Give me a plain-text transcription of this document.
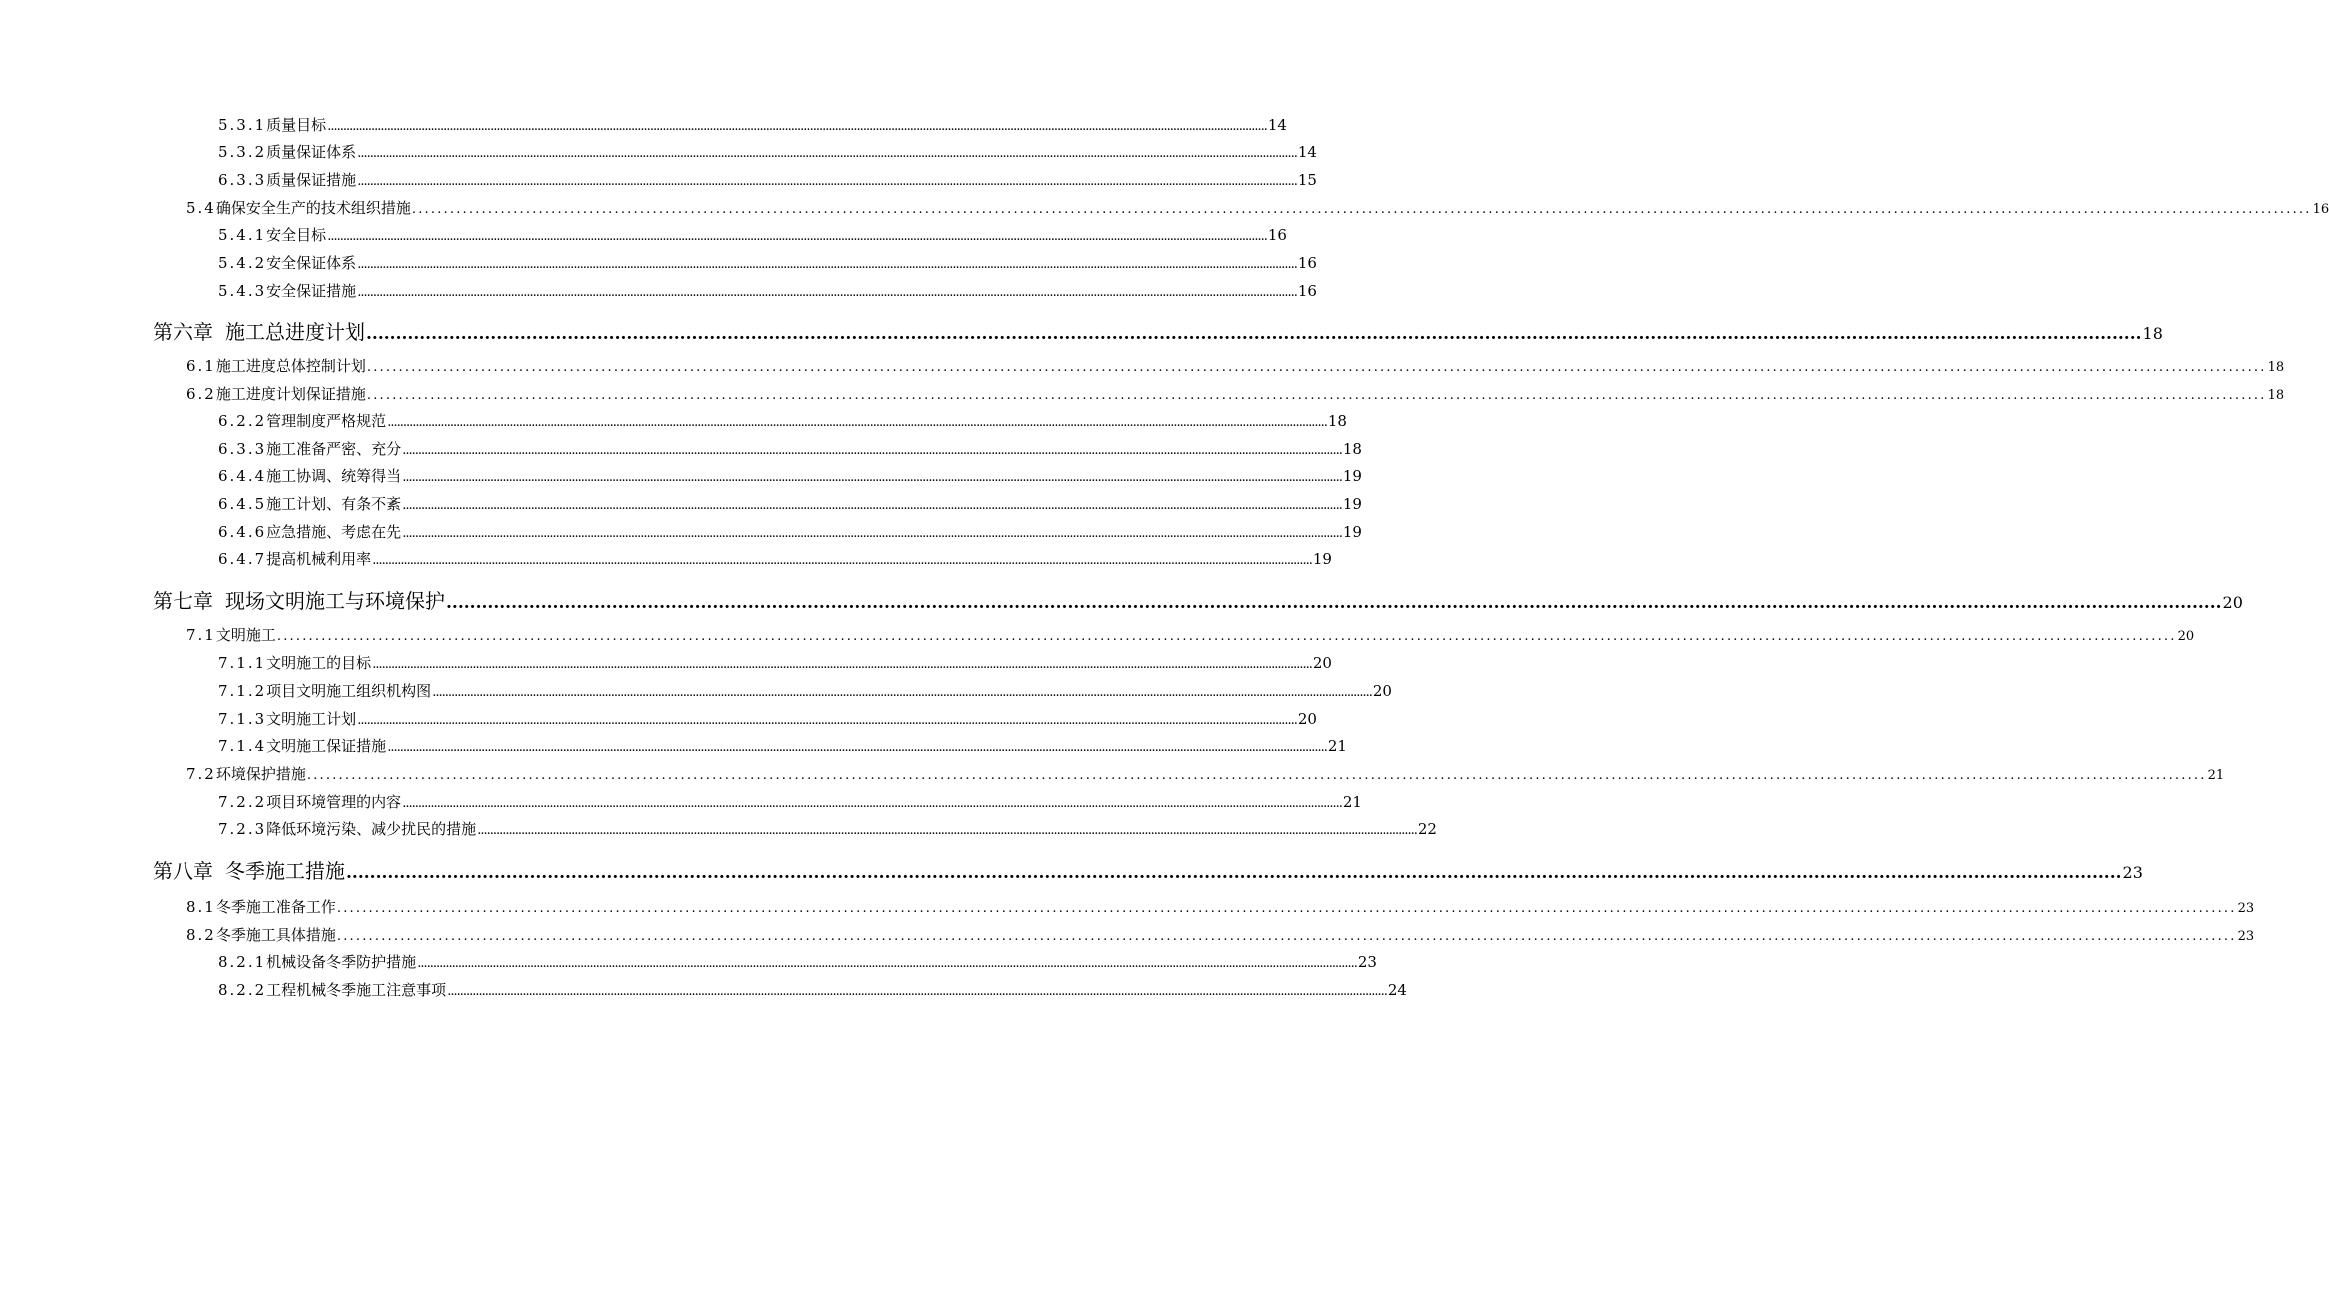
5.3.1 质量目标 ............................................................................................................................................................................................................................................................................................................ 14
5.3.2 质量保证体系 ............................................................................................................................................................................................................................................................................................................ 14
6.3.3 质量保证措施 ............................................................................................................................................................................................................................................................................................................ 15
5.4 确保安全生产的技术组织措施 ............................................................................................................................................................................................................................................................................................................ 16
5.4.1 安全目标 ............................................................................................................................................................................................................................................................................................................ 16
5.4.2 安全保证体系 ............................................................................................................................................................................................................................................................................................................ 16
5.4.3 安全保证措施 ............................................................................................................................................................................................................................................................................................................ 16
第六章 施工总进度计划 ............................................................................................................................................................................................................................................................................................................ 18
6.1 施工进度总体控制计划 ............................................................................................................................................................................................................................................................................................................ 18
6.2 施工进度计划保证措施 ............................................................................................................................................................................................................................................................................................................ 18
6.2.2 管理制度严格规范 ............................................................................................................................................................................................................................................................................................................ 18
6.3.3 施工准备严密、充分 ............................................................................................................................................................................................................................................................................................................ 18
6.4.4 施工协调、统筹得当 ............................................................................................................................................................................................................................................................................................................ 19
6.4.5 施工计划、有条不紊 ............................................................................................................................................................................................................................................................................................................ 19
6.4.6 应急措施、考虑在先 ............................................................................................................................................................................................................................................................................................................ 19
6.4.7 提高机械利用率 ............................................................................................................................................................................................................................................................................................................ 19
第七章 现场文明施工与环境保护 ............................................................................................................................................................................................................................................................................................................ 20
7.1 文明施工 ............................................................................................................................................................................................................................................................................................................ 20
7.1.1 文明施工的目标 ............................................................................................................................................................................................................................................................................................................ 20
7.1.2 项目文明施工组织机构图 ............................................................................................................................................................................................................................................................................................................ 20
7.1.3 文明施工计划 ............................................................................................................................................................................................................................................................................................................ 20
7.1.4 文明施工保证措施 ............................................................................................................................................................................................................................................................................................................ 21
7.2 环境保护措施 ............................................................................................................................................................................................................................................................................................................ 21
7.2.2 项目环境管理的内容 ............................................................................................................................................................................................................................................................................................................ 21
7.2.3 降低环境污染、减少扰民的措施 ............................................................................................................................................................................................................................................................................................................ 22
第八章 冬季施工措施 ............................................................................................................................................................................................................................................................................................................ 23
8.1 冬季施工准备工作 ............................................................................................................................................................................................................................................................................................................ 23
8.2 冬季施工具体措施 ............................................................................................................................................................................................................................................................................................................ 23
8.2.1 机械设备冬季防护措施 ............................................................................................................................................................................................................................................................................................................ 23
8.2.2 工程机械冬季施工注意事项 ............................................................................................................................................................................................................................................................................................................ 24
